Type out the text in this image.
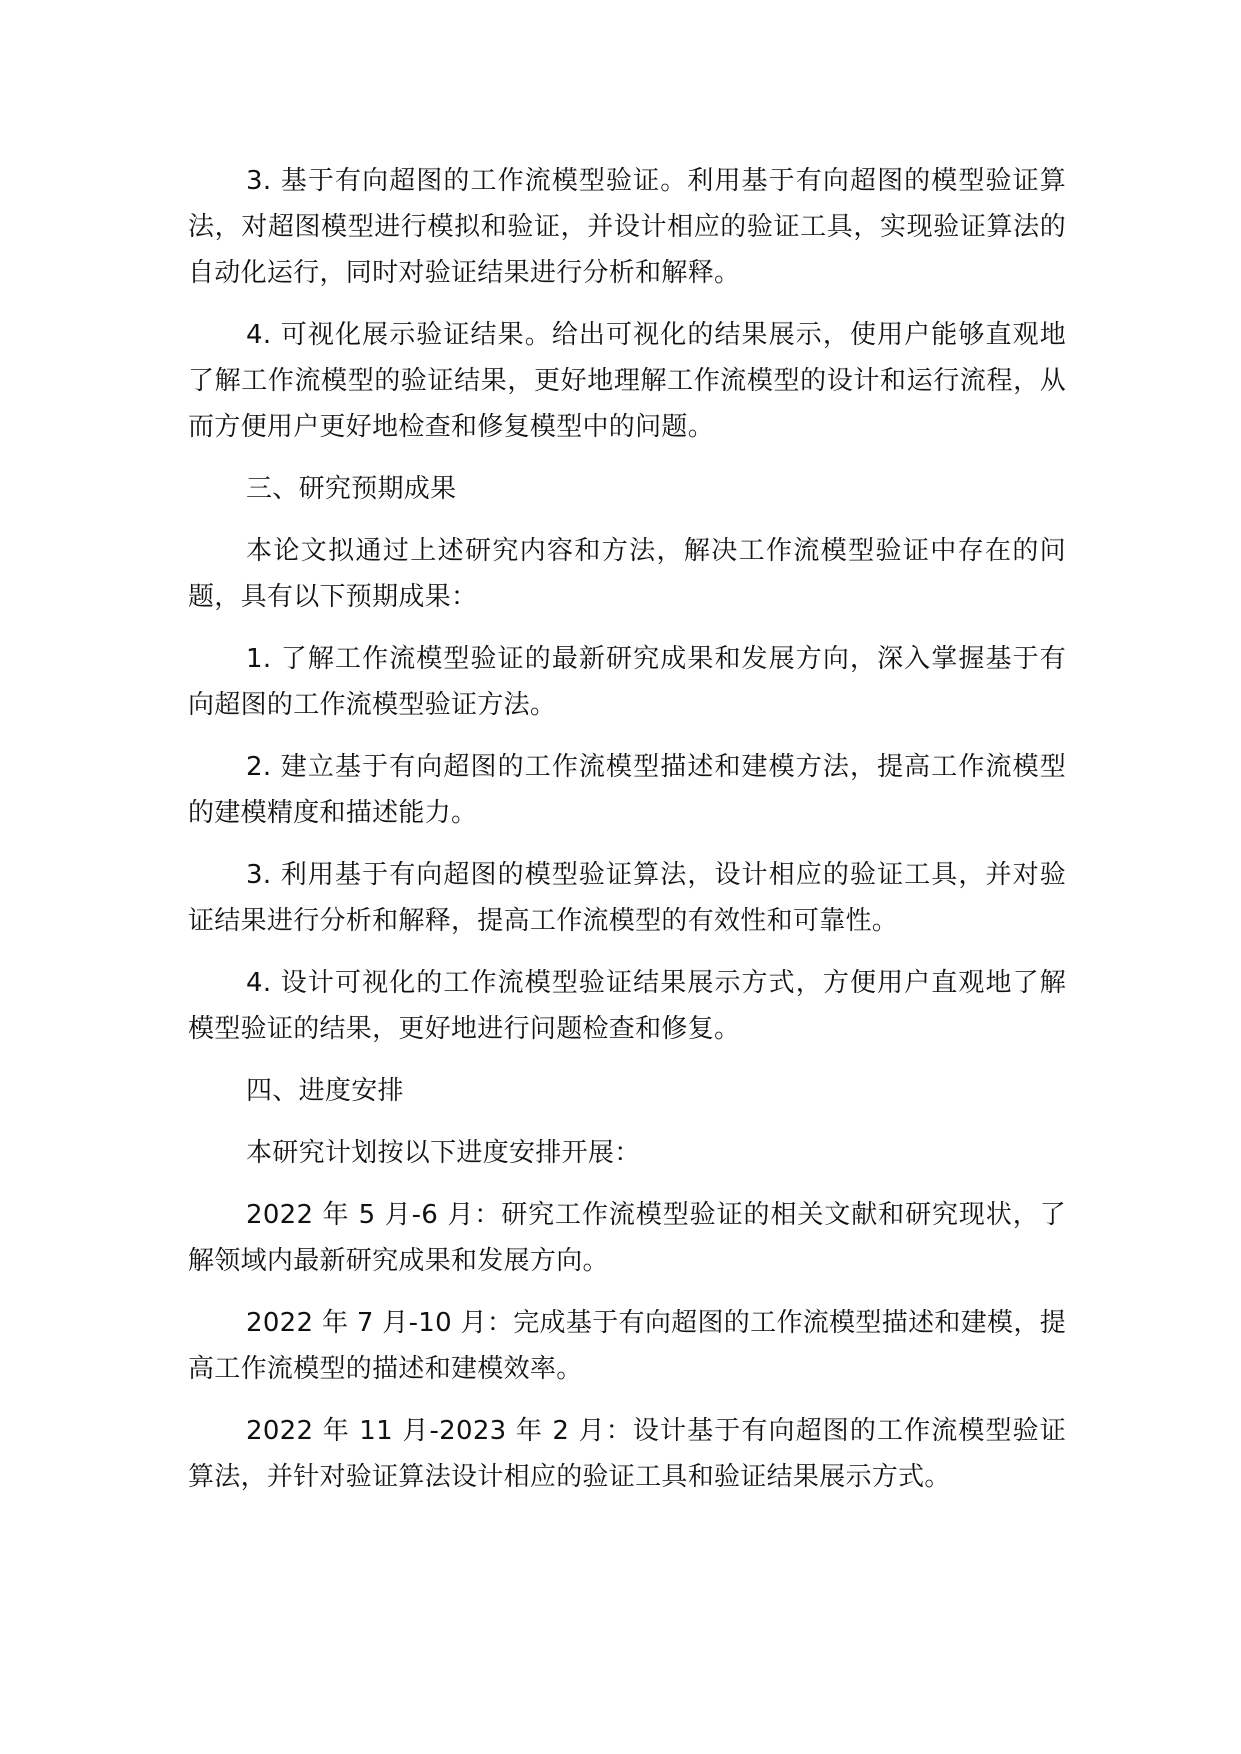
3. 基于有向超图的工作流模型验证。利用基于有向超图的模型验证算法，对超图模型进行模拟和验证，并设计相应的验证工具，实现验证算法的自动化运行，同时对验证结果进行分析和解释。

4. 可视化展示验证结果。给出可视化的结果展示，使用户能够直观地了解工作流模型的验证结果，更好地理解工作流模型的设计和运行流程，从而方便用户更好地检查和修复模型中的问题。

三、研究预期成果

本论文拟通过上述研究内容和方法，解决工作流模型验证中存在的问题，具有以下预期成果：

1. 了解工作流模型验证的最新研究成果和发展方向，深入掌握基于有向超图的工作流模型验证方法。

2. 建立基于有向超图的工作流模型描述和建模方法，提高工作流模型的建模精度和描述能力。

3. 利用基于有向超图的模型验证算法，设计相应的验证工具，并对验证结果进行分析和解释，提高工作流模型的有效性和可靠性。

4. 设计可视化的工作流模型验证结果展示方式，方便用户直观地了解模型验证的结果，更好地进行问题检查和修复。

四、进度安排

本研究计划按以下进度安排开展：

2022 年 5 月-6 月：研究工作流模型验证的相关文献和研究现状，了解领域内最新研究成果和发展方向。

2022 年 7 月-10 月：完成基于有向超图的工作流模型描述和建模，提高工作流模型的描述和建模效率。

2022 年 11 月-2023 年 2 月：设计基于有向超图的工作流模型验证算法，并针对验证算法设计相应的验证工具和验证结果展示方式。
